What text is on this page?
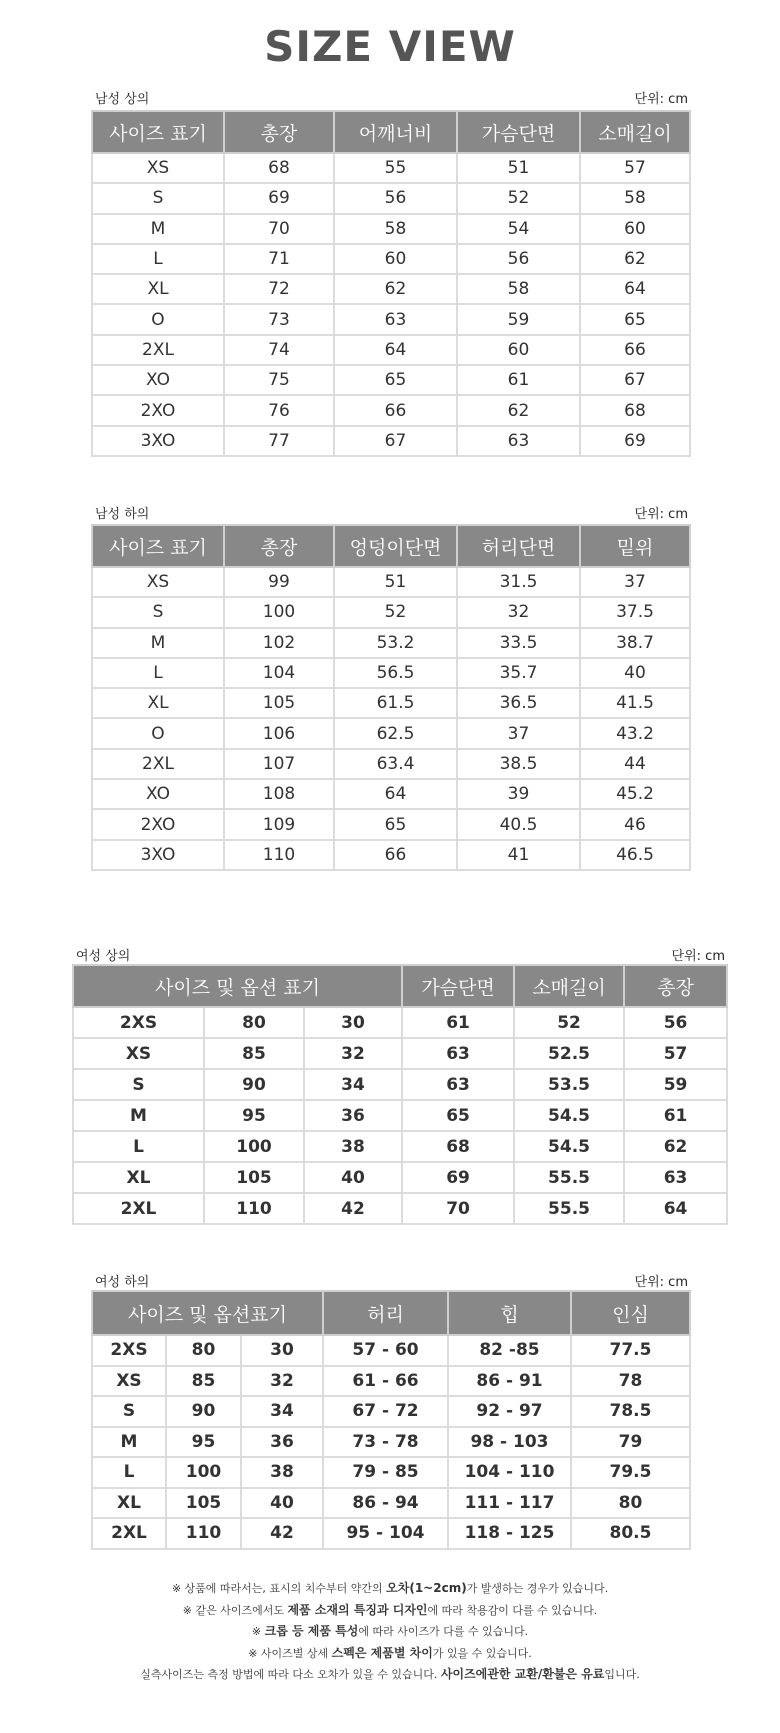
SIZE VIEW
남성 상의	단위: cm
사이즈 표기	총장	어깨너비	가슴단면	소매길이
XS	68	55	51	57
S	69	56	52	58
M	70	58	54	60
L	71	60	56	62
XL	72	62	58	64
O	73	63	59	65
2XL	74	64	60	66
XO	75	65	61	67
2XO	76	66	62	68
3XO	77	67	63	69
남성 하의	단위: cm
사이즈 표기	총장	엉덩이단면	허리단면	밑위
XS	99	51	31.5	37
S	100	52	32	37.5
M	102	53.2	33.5	38.7
L	104	56.5	35.7	40
XL	105	61.5	36.5	41.5
O	106	62.5	37	43.2
2XL	107	63.4	38.5	44
XO	108	64	39	45.2
2XO	109	65	40.5	46
3XO	110	66	41	46.5
여성 상의	단위: cm
사이즈 및 옵션 표기			가슴단면	소매길이	총장
2XS	80	30	61	52	56
XS	85	32	63	52.5	57
S	90	34	63	53.5	59
M	95	36	65	54.5	61
L	100	38	68	54.5	62
XL	105	40	69	55.5	63
2XL	110	42	70	55.5	64
여성 하의	단위: cm
사이즈 및 옵션표기			허리	힙	인심
2XS	80	30	57 - 60	82 -85	77.5
XS	85	32	61 - 66	86 - 91	78
S	90	34	67 - 72	92 - 97	78.5
M	95	36	73 - 78	98 - 103	79
L	100	38	79 - 85	104 - 110	79.5
XL	105	40	86 - 94	111 - 117	80
2XL	110	42	95 - 104	118 - 125	80.5
※ 상품에 따라서는, 표시의 치수부터 약간의 오차(1~2cm)가 발생하는 경우가 있습니다.
※ 같은 사이즈에서도 제품 소재의 특징과 디자인에 따라 착용감이 다를 수 있습니다.
※ 크롭 등 제품 특성에 따라 사이즈가 다를 수 있습니다.
※ 사이즈별 상세 스펙은 제품별 차이가 있을 수 있습니다.
실측사이즈는 측정 방법에 따라 다소 오차가 있을 수 있습니다. 사이즈에관한 교환/환불은 유료입니다.
